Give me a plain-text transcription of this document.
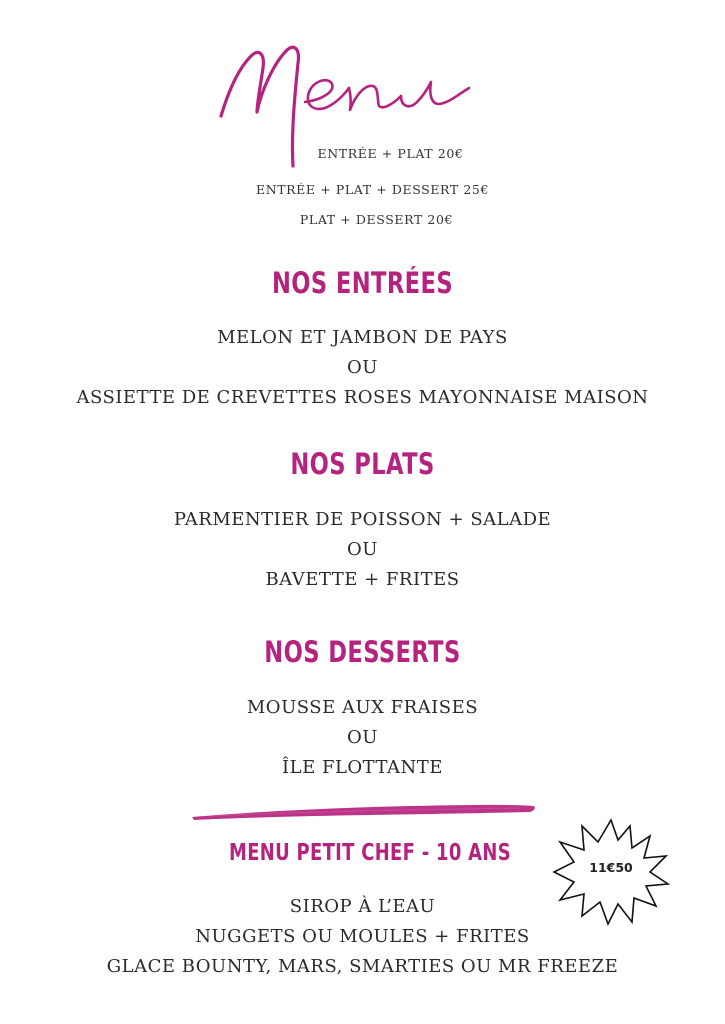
ENTRÉE + PLAT 20€
ENTRÉE + PLAT + DESSERT 25€
PLAT + DESSERT 20€
NOS ENTRÉES
MELON ET JAMBON DE PAYS
OU
ASSIETTE DE CREVETTES ROSES MAYONNAISE MAISON
NOS PLATS
PARMENTIER DE POISSON + SALADE
OU
BAVETTE + FRITES
NOS DESSERTS
MOUSSE AUX FRAISES
OU
ÎLE FLOTTANTE
MENU PETIT CHEF - 10 ANS
11€50
SIROP À L’EAU
NUGGETS OU MOULES + FRITES
GLACE BOUNTY, MARS, SMARTIES OU MR FREEZE
